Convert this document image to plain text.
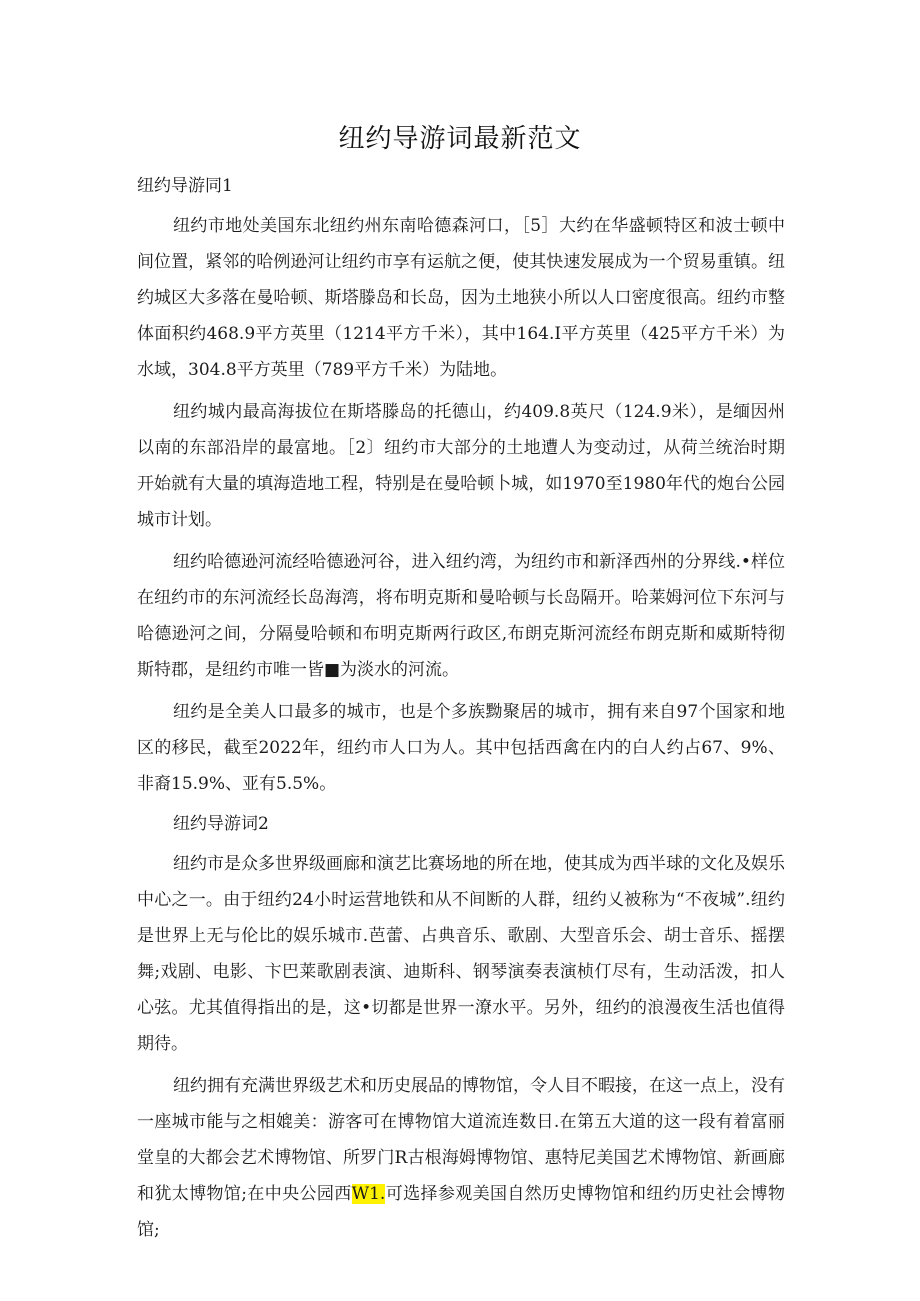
纽约导游词最新范文
纽约导游同1

纽约市地处美国东北纽约州东南哈德森河口，［5］大约在华盛顿特区和波士顿中间位置，紧邻的哈例逊河让纽约市享有运航之便，使其快速发展成为一个贸易重镇。纽约城区大多落在曼哈顿、斯塔滕岛和长岛，因为土地狭小所以人口密度很高。纽约市整体面积约468.9平方英里（1214平方千米），其中164.I平方英里（425平方千米）为水域，304.8平方英里（789平方千米）为陆地。

纽约城内最高海拔位在斯塔滕岛的托德山，约409.8英尺（124.9米），是缅因州以南的东部沿岸的最富地。［2〕纽约市大部分的土地遭人为变动过，从荷兰统治时期开始就有大量的填海造地工程，特别是在曼哈顿卜城，如1970至1980年代的炮台公园城市计划。

纽约哈德逊河流经哈德逊河谷，进入纽约湾，为纽约市和新泽西州的分界线.•样位在纽约市的东河流经长岛海湾，将布明克斯和曼哈顿与长岛隔开。哈莱姆河位下东河与哈德逊河之间，分隔曼哈顿和布明克斯两行政区,布朗克斯河流经布朗克斯和威斯特彻斯特郡，是纽约市唯一皆■为淡水的河流。

纽约是全美人口最多的城市，也是个多族黝聚居的城市，拥有来自97个国家和地区的移民，截至2022年，纽约市人口为人。其中包括西禽在内的白人约占67、9%、非裔15.9%、亚有5.5%。

纽约导游词2

纽约市是众多世界级画廊和演艺比赛场地的所在地，使其成为西半球的文化及娱乐中心之一。由于纽约24小时运营地铁和从不间断的人群，纽约乂被称为“不夜城”.纽约是世界上无与伦比的娱乐城市.芭蕾、占典音乐、歌剧、大型音乐会、胡士音乐、摇摆舞;戏剧、电影、卞巴莱歌剧表演、迪斯科、钢琴演奏表演桢仃尽有，生动活泼，扣人心弦。尤其值得指出的是，这•切都是世界一潦水平。另外，纽约的浪漫夜生活也值得期待。

纽约拥有充满世界级艺术和历史展品的博物馆，令人目不暇接，在这一点上，没有一座城市能与之相媲美：游客可在博物馆大道流连数日.在第五大道的这一段有着富丽堂皇的大都会艺术博物馆、所罗门R古根海姆博物馆、惠特尼美国艺术博物馆、新画廊和犹太博物馆;在中央公园西W1.可选择参观美国自然历史博物馆和纽约历史社会博物馆;
